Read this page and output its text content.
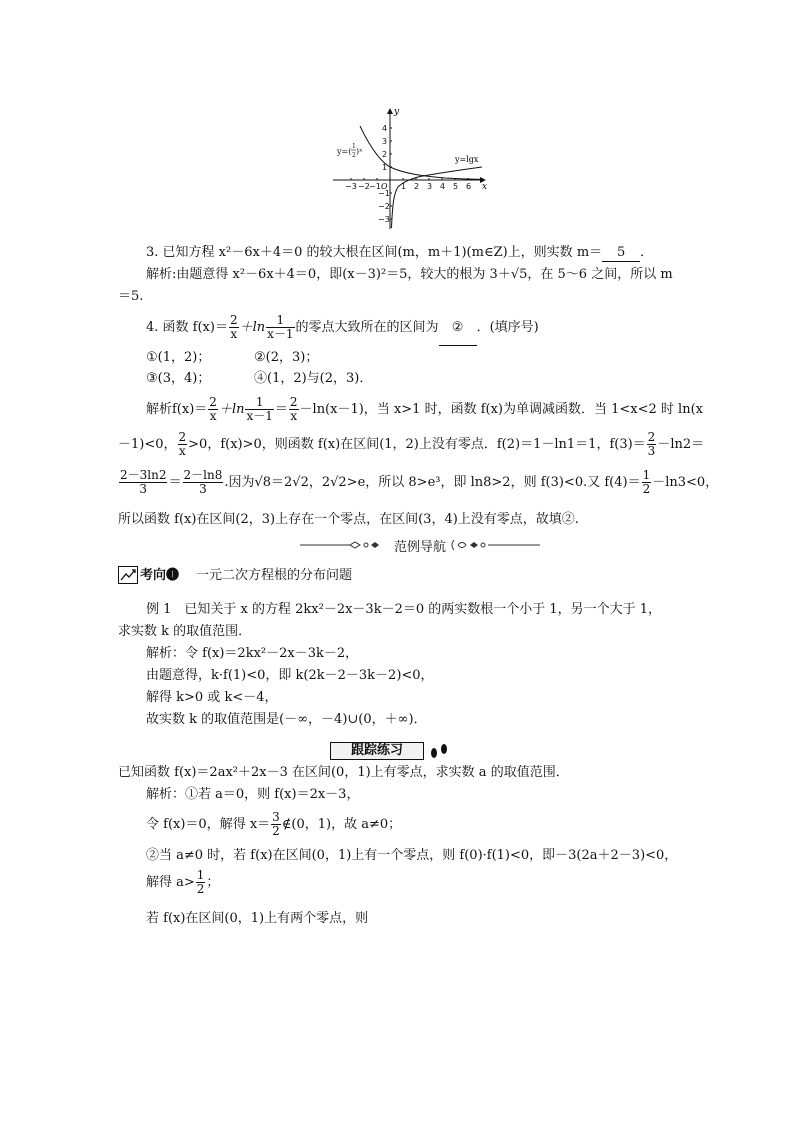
x
y
O
−3 −2 −1	1 2 3 4 5 6
4
3
2
1
−1
−2
−3
y=(
1
2 )ˣ
y=lgx
3. 已知方程 x²－6x＋4＝0 的较大根在区间(m，m＋1)(m∈Z)上，则实数 m＝ 5 ．
解析:由题意得 x²－6x＋4＝0，即(x－3)²＝5，较大的根为 3＋√5，在 5～6 之间，所以 m
＝5.
4. 函数 $f(x)= \frac{2}{x} +\ln \frac{1}{x-1}$ 的零点大致所在的区间为 ② ．(填序号)
①(1，2)；	②(2，3)；
③(3，4)；	④(1，2)与(2，3)．
解析$f(x)= \frac{2}{x} +\ln \frac{1}{x-1} = \frac{2}{x} -\ln(x-1)$，当 x>1 时，函数 f(x)为单调减函数．当 1<x<2 时 ln(x
－1)<0， $\frac{2}{x} >0$，f(x)>0，则函数 f(x)在区间(1，2)上没有零点．f(2)＝1－ln1＝1，$f(3)= \frac{2}{3} -\ln 2=$
$\frac{2-3\ln 2}{3} = \frac{2-\ln 8}{3}$ .因为√8＝2√2，2√2>e，所以 8>e³，即 ln8>2，则 f(3)<0.又 $f(4)= \frac{1}{2} -\ln 3<0$，
所以函数 f(x)在区间(2，3)上存在一个零点，在区间(3，4)上没有零点，故填②.
范例导航
考向❶ 一元二次方程根的分布问题
例 1　已知关于 x 的方程 2kx²－2x－3k－2＝0 的两实数根一个小于 1，另一个大于 1，
求实数 k 的取值范围．
解析：令 f(x)＝2kx²－2x－3k－2，
由题意得，k·f(1)<0，即 k(2k－2－3k－2)<0，
解得 k>0 或 k<－4，
故实数 k 的取值范围是(－∞，－4)∪(0，＋∞)．
跟踪练习
已知函数 f(x)＝2ax²＋2x－3 在区间(0，1)上有零点，求实数 a 的取值范围．
解析：①若 a＝0，则 f(x)＝2x－3，
令 f(x)＝0，解得 $x= \frac{3}{2}$ ∉(0，1)，故 a≠0；
②当 a≠0 时，若 f(x)在区间(0，1)上有一个零点，则 f(0)·f(1)<0，即－3(2a＋2－3)<0，
解得 $a> \frac{1}{2}$ ；
若 f(x)在区间(0，1)上有两个零点，则
